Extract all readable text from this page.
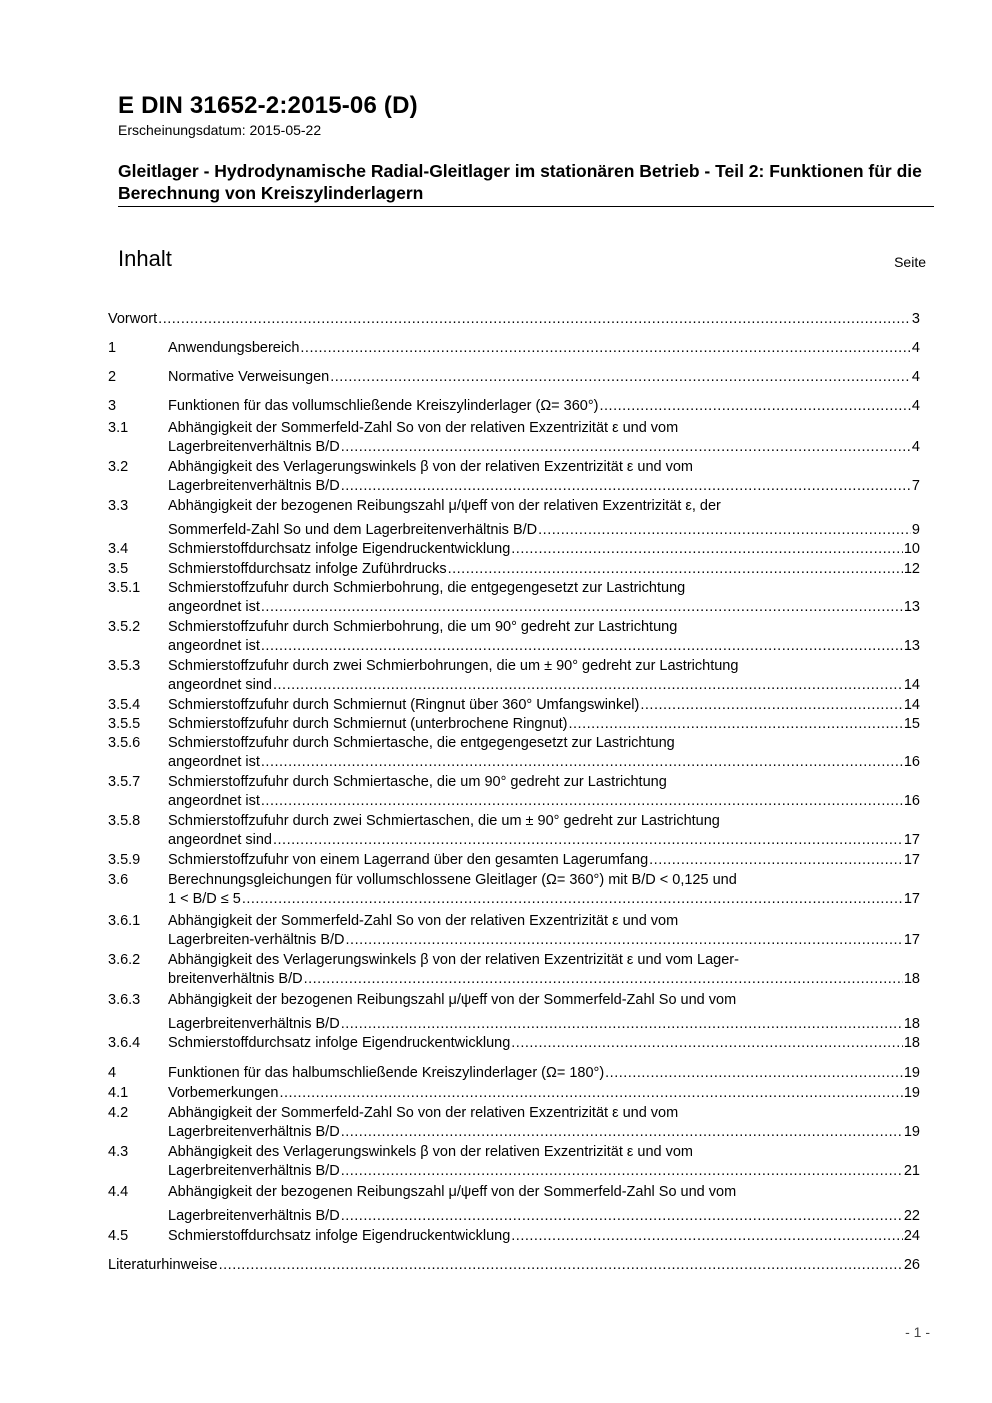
E DIN 31652-2:2015-06 (D)
Erscheinungsdatum: 2015-05-22
Gleitlager - Hydrodynamische Radial-Gleitlager im stationären Betrieb - Teil 2: Funktionen für die Berechnung von Kreiszylinderlagern
Inhalt	Seite
Vorwort .....	3
1	Anwendungsbereich .....	4
2	Normative Verweisungen .....	4
3	Funktionen für das vollumschließende Kreiszylinderlager (Ω= 360°) .....	4
3.1	Abhängigkeit der Sommerfeld-Zahl So von der relativen Exzentrizität ε und vom
Lagerbreitenverhältnis B/D .....	4
3.2	Abhängigkeit des Verlagerungswinkels β von der relativen Exzentrizität ε und vom
Lagerbreitenverhältnis B/D .....	7
3.3	Abhängigkeit der bezogenen Reibungszahl μ/ψeff von der relativen Exzentrizität ε, der
Sommerfeld-Zahl So und dem Lagerbreitenverhältnis B/D .....	9
3.4	Schmierstoffdurchsatz infolge Eigendruckentwicklung .....	10
3.5	Schmierstoffdurchsatz infolge Zuführdrucks .....	12
3.5.1 Schmierstoffzufuhr durch Schmierbohrung, die entgegengesetzt zur Lastrichtung
angeordnet ist .....	13
3.5.2 Schmierstoffzufuhr durch Schmierbohrung, die um 90° gedreht zur Lastrichtung
angeordnet ist .....	13
3.5.3 Schmierstoffzufuhr durch zwei Schmierbohrungen, die um ± 90° gedreht zur Lastrichtung
angeordnet sind .....	14
3.5.4 Schmierstoffzufuhr durch Schmiernut (Ringnut über 360° Umfangswinkel) .....	14
3.5.5 Schmierstoffzufuhr durch Schmiernut (unterbrochene Ringnut) .....	15
3.5.6 Schmierstoffzufuhr durch Schmiertasche, die entgegengesetzt zur Lastrichtung
angeordnet ist .....	16
3.5.7 Schmierstoffzufuhr durch Schmiertasche, die um 90° gedreht zur Lastrichtung
angeordnet ist .....	16
3.5.8 Schmierstoffzufuhr durch zwei Schmiertaschen, die um ± 90° gedreht zur Lastrichtung
angeordnet sind .....	17
3.5.9 Schmierstoffzufuhr von einem Lagerrand über den gesamten Lagerumfang .....	17
3.6	Berechnungsgleichungen für vollumschlossene Gleitlager (Ω= 360°) mit B/D < 0,125 und
1 < B/D ≤ 5 .....	17
3.6.1 Abhängigkeit der Sommerfeld-Zahl So von der relativen Exzentrizität ε und vom
Lagerbreiten-verhältnis B/D .....	17
3.6.2 Abhängigkeit des Verlagerungswinkels β von der relativen Exzentrizität ε und vom Lager-
breitenverhältnis B/D .....	18
3.6.3 Abhängigkeit der bezogenen Reibungszahl μ/ψeff von der Sommerfeld-Zahl So und vom
Lagerbreitenverhältnis B/D .....	18
3.6.4 Schmierstoffdurchsatz infolge Eigendruckentwicklung .....	18
4	Funktionen für das halbumschließende Kreiszylinderlager (Ω= 180°) .....	19
4.1	Vorbemerkungen .....	19
4.2	Abhängigkeit der Sommerfeld-Zahl So von der relativen Exzentrizität ε und vom
Lagerbreitenverhältnis B/D .....	19
4.3	Abhängigkeit des Verlagerungswinkels β von der relativen Exzentrizität ε und vom
Lagerbreitenverhältnis B/D .....	21
4.4	Abhängigkeit der bezogenen Reibungszahl μ/ψeff von der Sommerfeld-Zahl So und vom
Lagerbreitenverhältnis B/D .....	22
4.5	Schmierstoffdurchsatz infolge Eigendruckentwicklung .....	24
Literaturhinweise .....	26
- 1 -
